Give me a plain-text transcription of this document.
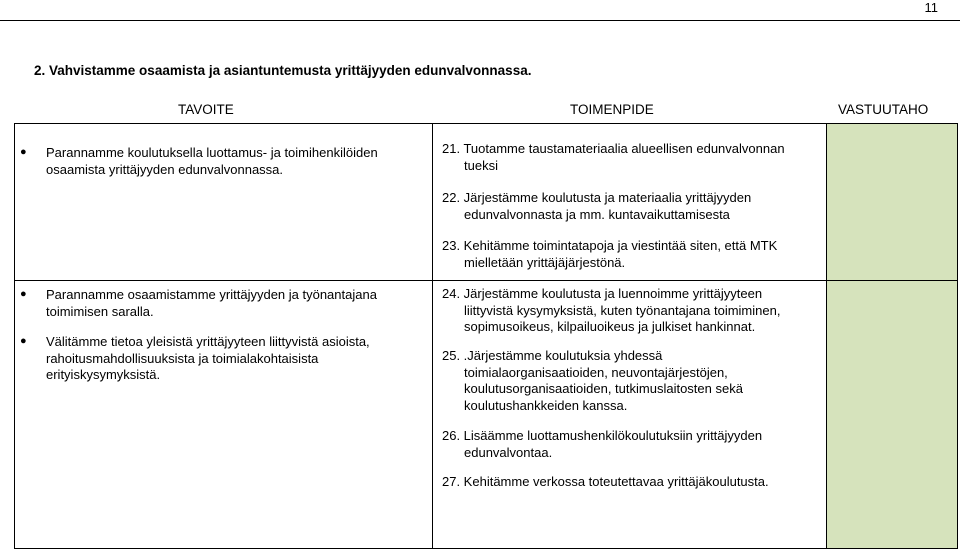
11
2. Vahvistamme osaamista ja asiantuntemusta yrittäjyyden edunvalvonnassa.
TAVOITE	TOIMENPIDE	VASTUUTAHO
● Parannamme koulutuksella luottamus- ja toimihenkilöiden
osaamista yrittäjyyden edunvalvonnassa.
● Parannamme osaamistamme yrittäjyyden ja työnantajana
toimimisen saralla.
● Välitämme tietoa yleisistä yrittäjyyteen liittyvistä asioista,
rahoitusmahdollisuuksista ja toimialakohtaisista
erityiskysymyksistä.
21. Tuotamme taustamateriaalia alueellisen edunvalvonnan
tueksi
22. Järjestämme koulutusta ja materiaalia yrittäjyyden
edunvalvonnasta ja mm. kuntavaikuttamisesta
23. Kehitämme toimintatapoja ja viestintää siten, että MTK
mielletään yrittäjäjärjestönä.
24. Järjestämme koulutusta ja luennoimme yrittäjyyteen
liittyvistä kysymyksistä, kuten työnantajana toimiminen,
sopimusoikeus, kilpailuoikeus ja julkiset hankinnat.
25. .Järjestämme koulutuksia yhdessä
toimialaorganisaatioiden, neuvontajärjestöjen,
koulutusorganisaatioiden, tutkimuslaitosten sekä
koulutushankkeiden kanssa.
26. Lisäämme luottamushenkilökoulutuksiin yrittäjyyden
edunvalvontaa.
27. Kehitämme verkossa toteutettavaa yrittäjäkoulutusta.
